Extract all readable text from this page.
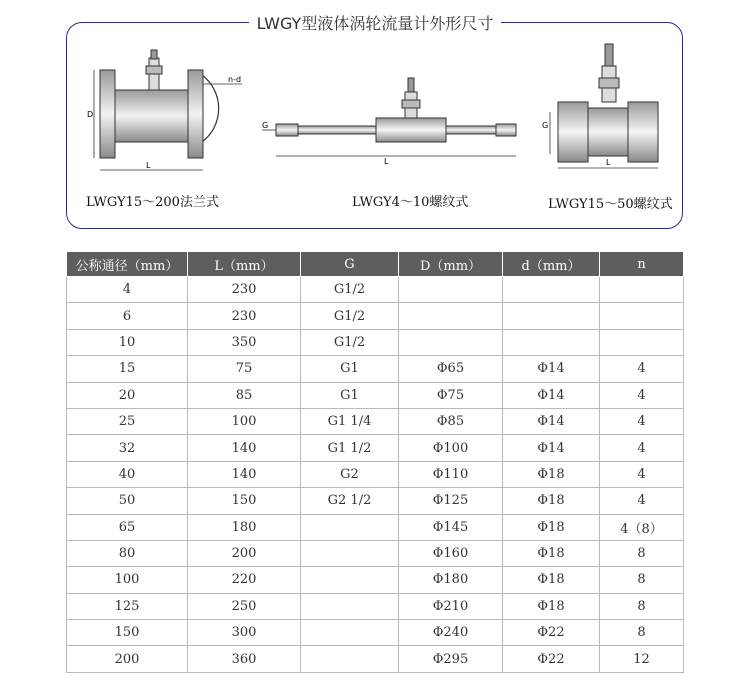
LWGY型液体涡轮流量计外形尺寸
D
L
n-d
LWGY15～200法兰式
G
L
LWGY4～10螺纹式
G
L
LWGY15～50螺纹式
公称通径（mm）	L（mm）	G	D（mm）	d（mm）	n
4	230	G1/2			
6	230	G1/2			
10	350	G1/2			
15	75	G1	Φ65	Φ14	4
20	85	G1	Φ75	Φ14	4
25	100	G1 1/4	Φ85	Φ14	4
32	140	G1 1/2	Φ100	Φ14	4
40	140	G2	Φ110	Φ18	4
50	150	G2 1/2	Φ125	Φ18	4
65	180		Φ145	Φ18	4（8）
80	200		Φ160	Φ18	8
100	220		Φ180	Φ18	8
125	250		Φ210	Φ18	8
150	300		Φ240	Φ22	8
200	360		Φ295	Φ22	12
